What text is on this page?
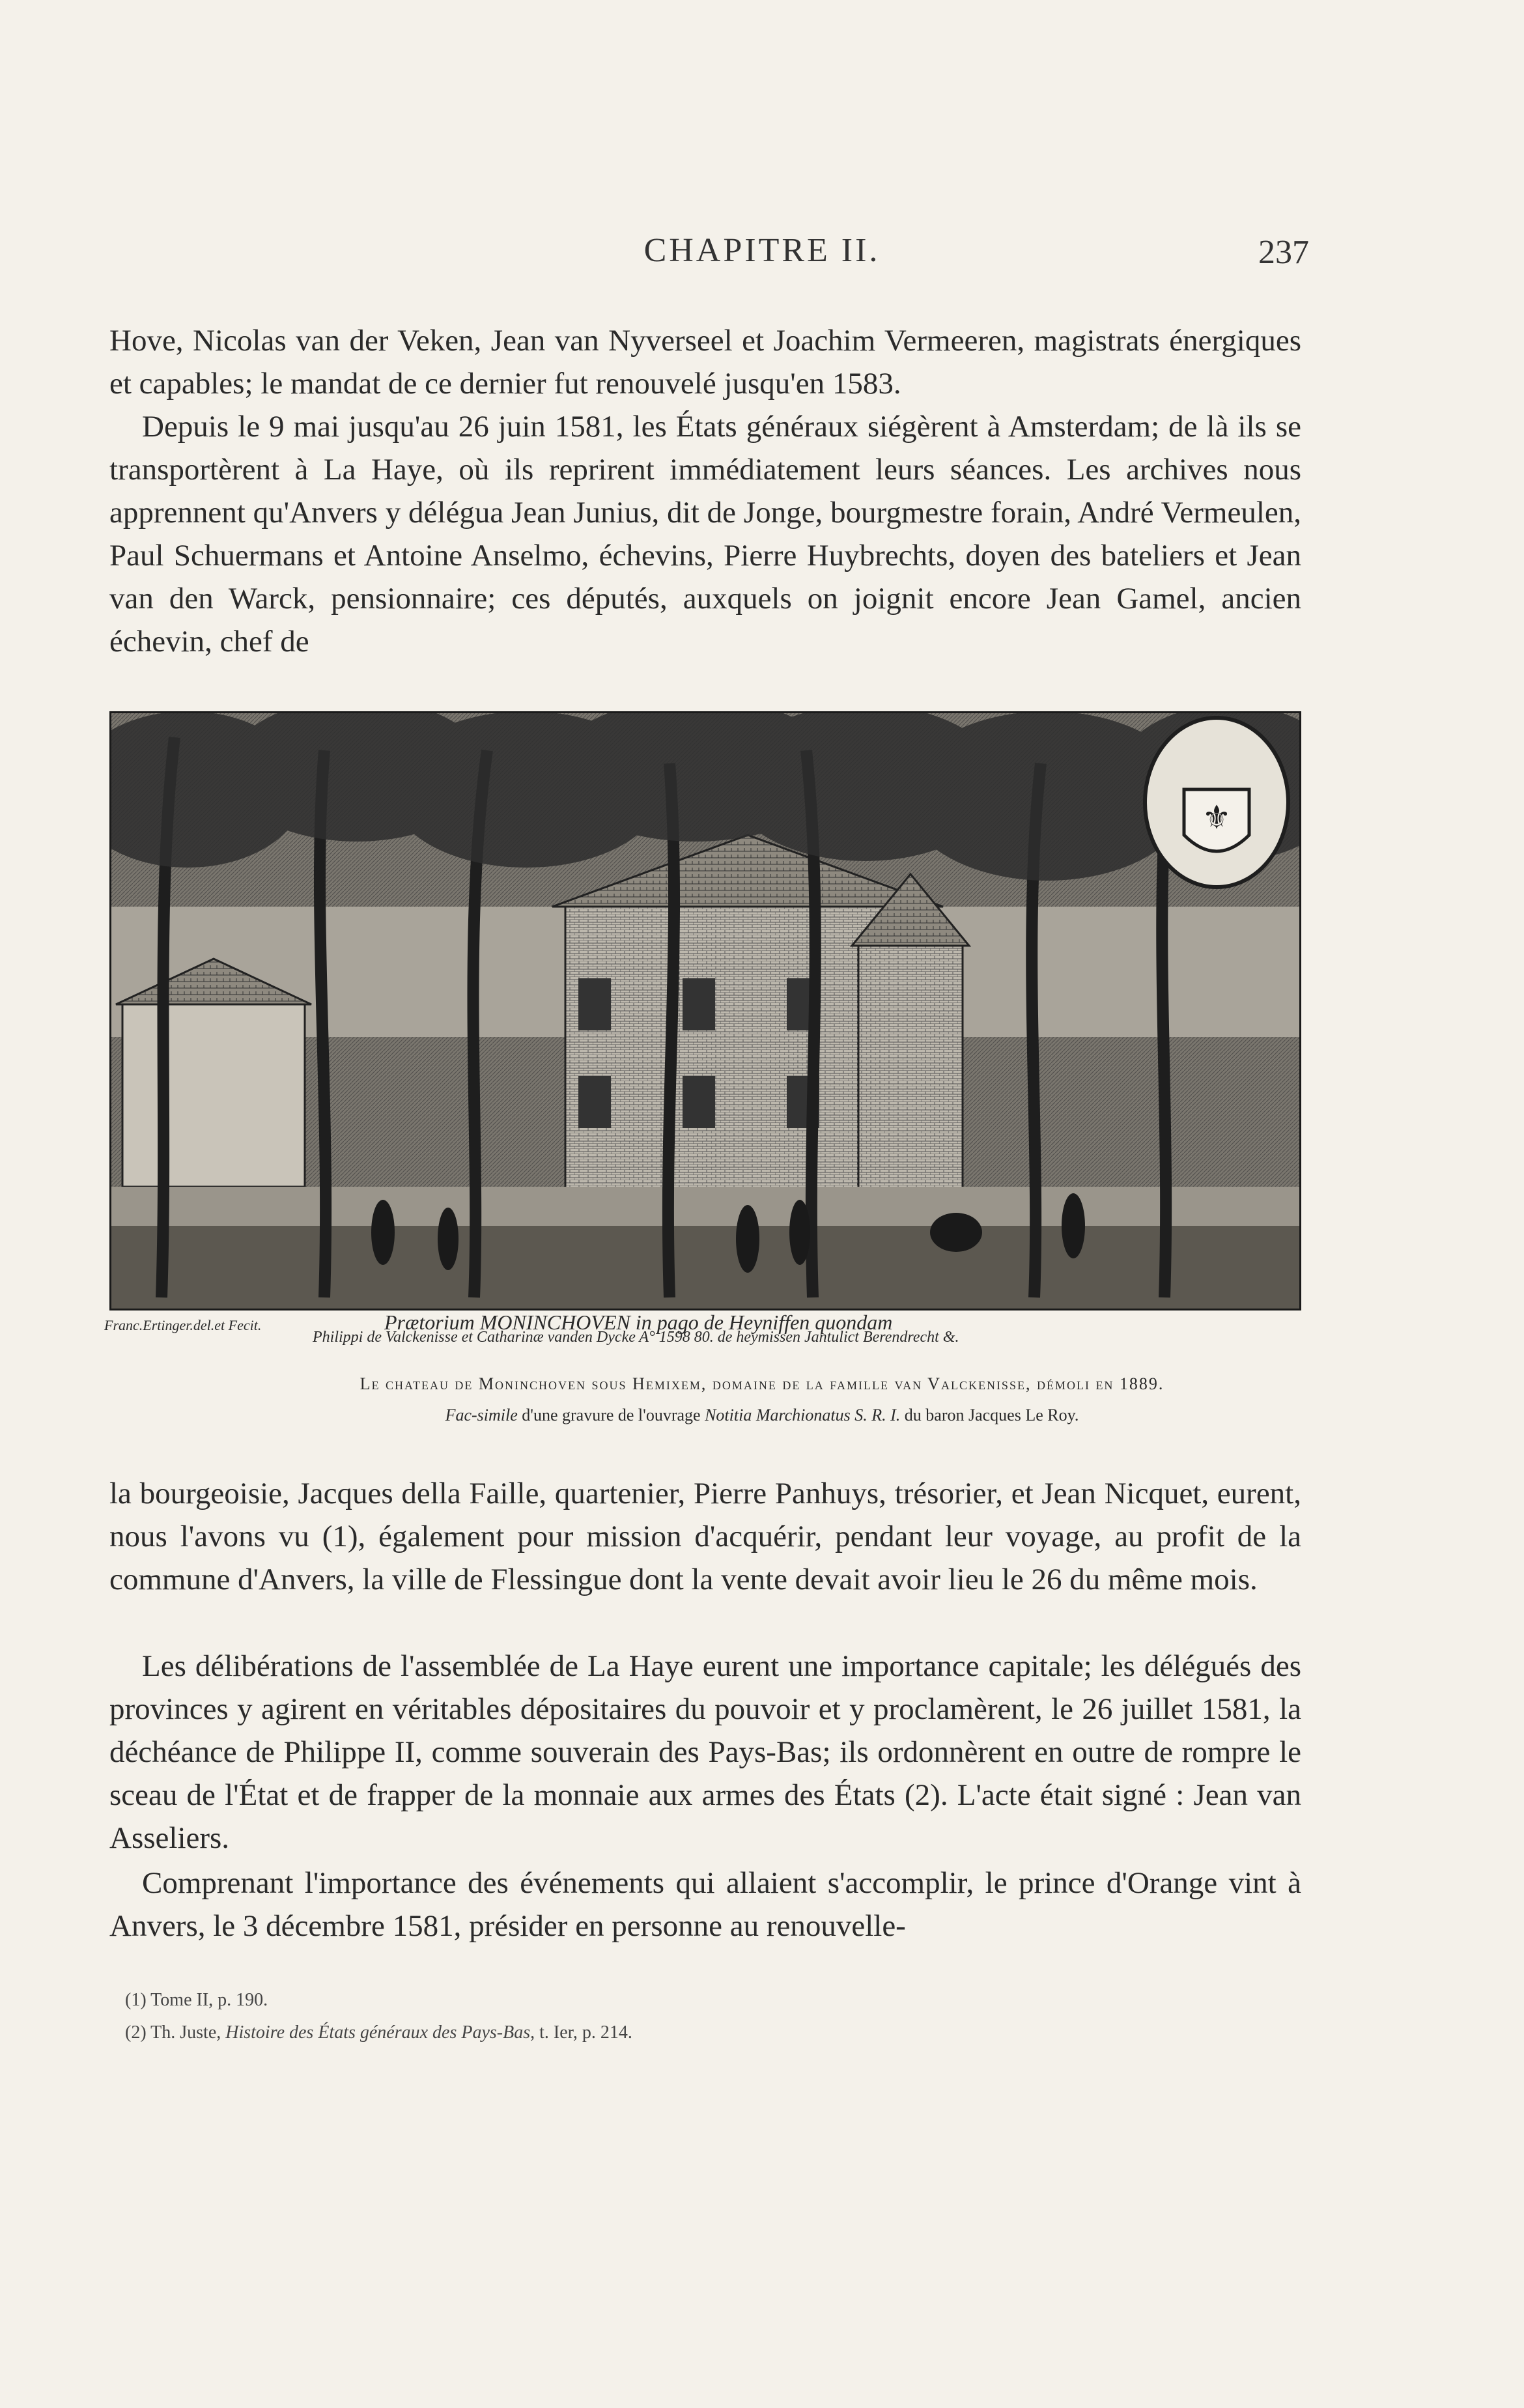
CHAPITRE II.	237

Hove, Nicolas van der Veken, Jean van Nyverseel et Joachim Vermeeren, magistrats énergiques et capables; le mandat de ce dernier fut renouvelé jusqu'en 1583.

Depuis le 9 mai jusqu'au 26 juin 1581, les États généraux siégèrent à Amsterdam; de là ils se transportèrent à La Haye, où ils reprirent immédiatement leurs séances. Les archives nous apprennent qu'Anvers y délégua Jean Junius, dit de Jonge, bourgmestre forain, André Vermeulen, Paul Schuermans et Antoine Anselmo, échevins, Pierre Huybrechts, doyen des bateliers et Jean van den Warck, pensionnaire; ces députés, auxquels on joignit encore Jean Gamel, ancien échevin, chef de

⚜
Franc.Ertinger.del.et Fecit.	Prætorium MONINCHOVEN in pago de Heyniffen quondam
Philippi de Valckenisse et Catharinæ vanden Dycke A° 1598 80. de heymissen Jantulict Berendrecht &.
Le chateau de Moninchoven sous Hemixem, domaine de la famille van Valckenisse, démoli en 1889.
Fac-simile d'une gravure de l'ouvrage Notitia Marchionatus S. R. I. du baron Jacques Le Roy.

la bourgeoisie, Jacques della Faille, quartenier, Pierre Panhuys, trésorier, et Jean Nicquet, eurent, nous l'avons vu (1), également pour mission d'acquérir, pendant leur voyage, au profit de la commune d'Anvers, la ville de Flessingue dont la vente devait avoir lieu le 26 du même mois.

Les délibérations de l'assemblée de La Haye eurent une importance capitale; les délégués des provinces y agirent en véritables dépositaires du pouvoir et y proclamèrent, le 26 juillet 1581, la déchéance de Philippe II, comme souverain des Pays-Bas; ils ordonnèrent en outre de rompre le sceau de l'État et de frapper de la monnaie aux armes des États (2). L'acte était signé : Jean van Asseliers.

Comprenant l'importance des événements qui allaient s'accomplir, le prince d'Orange vint à Anvers, le 3 décembre 1581, présider en personne au renouvelle-

(1) Tome II, p. 190.
(2) Th. Juste, Histoire des États généraux des Pays-Bas, t. Ier, p. 214.
